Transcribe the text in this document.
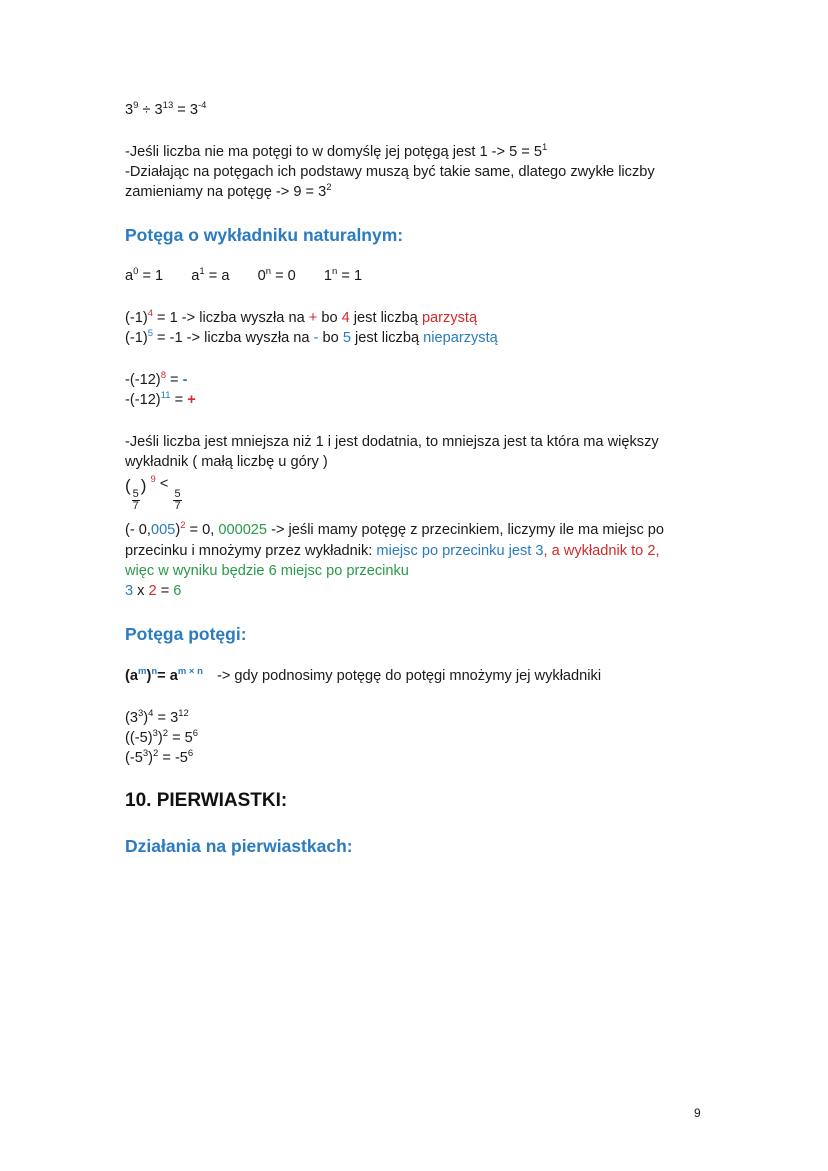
$3^9 \div 3^{13} = 3^{-4}$
-Jeśli liczba nie ma potęgi to w domyślę jej potęgą jest $1 -> 5 = 5^1$
-Działając na potęgach ich podstawy muszą być takie same, dlatego zwykłe liczby
zamieniamy na potęgę -> $9 = 3^2$
Potęga o wykładniku naturalnym:
$a^0 = 1$ $a^1 = a$ $0^n = 0$ $1^n = 1$
$(-1)^4 = 1$ -> liczba wyszła na + bo 4 jest liczbą parzystą
$(-1)^5 = -1$ -> liczba wyszła na - bo 5 jest liczbą nieparzystą
$-(-12)^8$ = -
$-(-12)^{11}$ = +
-Jeśli liczba jest mniejsza niż 1 i jest dodatnia, to mniejsza jest ta która ma większy
wykładnik ( małą liczbę u góry )
(
$\frac{5}{7}$
) $^9$ <
$\frac{5}{7}$
(- 0,005)$^2$ = 0, 000025 -> jeśli mamy potęgę z przecinkiem, liczymy ile ma miejsc po
przecinku i mnożymy przez wykładnik: miejsc po przecinku jest 3, a wykładnik to 2,
więc w wyniku będzie 6 miejsc po przecinku
3 x 2 = 6
Potęga potęgi:
$(a^m)^n= a^{m \times n}$ -> gdy podnosimy potęgę do potęgi mnożymy jej wykładniki
$(3^3)^4 = 3^{12}$
$((-5)^3)^2 = 5^6$
$(-5^3)^2 = -5^6$
10. PIERWIASTKI:
Działania na pierwiastkach:
9
